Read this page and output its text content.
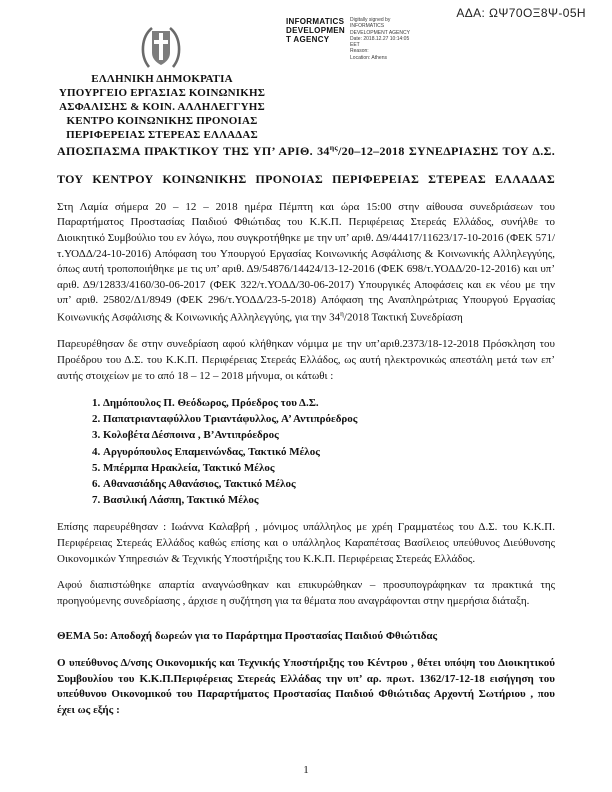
ΑΔΑ: ΩΨ70ΟΞ8Ψ-05Η
INFORMATICS
DEVELOPMEN
T AGENCY
Digitally signed by
INFORMATICS
DEVELOPMENT AGENCY
Date: 2018.12.27 10:14:05
EET
Reason:
Location: Athens
ΕΛΛΗΝΙΚΗ ΔΗΜΟΚΡΑΤΙΑ
ΥΠΟΥΡΓΕΙΟ ΕΡΓΑΣΙΑΣ ΚΟΙΝΩΝΙΚΗΣ
ΑΣΦΑΛΙΣΗΣ & ΚΟΙΝ. ΑΛΛΗΛΕΓΓΥΗΣ
ΚΕΝΤΡΟ ΚΟΙΝΩΝΙΚΗΣ ΠΡΟΝΟΙΑΣ
ΠΕΡΙΦΕΡΕΙΑΣ ΣΤΕΡΕΑΣ ΕΛΛΑΔΑΣ
ΑΠΟΣΠΑΣΜΑ ΠΡΑΚΤΙΚΟΥ ΤΗΣ ΥΠ’ ΑΡΙΘ. $34^{\eta\varsigma}/20-12-2018$ ΣΥΝΕΔΡΙΑΣΗΣ ΤΟΥ Δ.Σ.
ΤΟΥ ΚΕΝΤΡΟΥ ΚΟΙΝΩΝΙΚΗΣ ΠΡΟΝΟΙΑΣ ΠΕΡΙΦΕΡΕΙΑΣ ΣΤΕΡΕΑΣ ΕΛΛΑΔΑΣ

Στη Λαμία σήμερα 20 – 12 – 2018 ημέρα Πέμπτη και ώρα 15:00 στην αίθουσα συνεδριάσεων του Παραρτήματος Προστασίας Παιδιού Φθιώτιδας του Κ.Κ.Π. Περιφέρειας Στερεάς Ελλάδος, συνήλθε το Διοικητικό Συμβούλιο του εν λόγω, που συγκροτήθηκε με την υπ’ αριθ. Δ9/44417/11623/17-10-2016 (ΦΕΚ 571/τ.ΥΟΔΔ/24-10-2016) Απόφαση του Υπουργού Εργασίας Κοινωνικής Ασφάλισης & Κοινωνικής Αλληλεγγύης, όπως αυτή τροποποιήθηκε με τις υπ’ αριθ. Δ9/54876/14424/13-12-2016 (ΦΕΚ 698/τ.ΥΟΔΔ/20-12-2016) και υπ’ αριθ. Δ9/12833/4160/30-06-2017 (ΦΕΚ 322/τ.ΥΟΔΔ/30-06-2017) Υπουργικές Αποφάσεις και εκ νέου με την υπ’ αριθ. 25802/Δ1/8949 (ΦΕΚ 296/τ.ΥΟΔΔ/23-5-2018) Απόφαση της Αναπληρώτριας Υπουργού Εργασίας Κοινωνικής Ασφάλισης & Κοινωνικής Αλληλεγγύης, για την $34^\eta/2018$ Τακτική Συνεδρίαση

Παρευρέθησαν δε στην συνεδρίαση αφού κλήθηκαν νόμιμα με την υπ’αριθ.2373/18-12-2018 Πρόσκληση του Προέδρου του Δ.Σ. του Κ.Κ.Π. Περιφέρειας Στερεάς Ελλάδος, ως αυτή ηλεκτρονικώς απεστάλη μετά των επ’ αυτής στοιχείων με το από 18 – 12 – 2018 μήνυμα, οι κάτωθι :

1. Δημόπουλος Π. Θεόδωρος, Πρόεδρος του Δ.Σ.
2. Παπατριανταφύλλου Τριαντάφυλλος, Α’ Αντιπρόεδρος
3. Κολοβέτα Δέσποινα , Β’Αντιπρόεδρος
4. Αργυρόπουλος Επαμεινώνδας, Τακτικό Μέλος
5. Μπέρμπα Ηρακλεία, Τακτικό Μέλος
6. Αθανασιάδης Αθανάσιος, Τακτικό Μέλος
7. Βασιλική Λάσπη, Τακτικό Μέλος

Επίσης παρευρέθησαν : Ιωάννα Καλαβρή , μόνιμος υπάλληλος με χρέη Γραμματέως του Δ.Σ. του Κ.Κ.Π. Περιφέρειας Στερεάς Ελλάδος καθώς επίσης και ο υπάλληλος Καραπέτσας Βασίλειος υπεύθυνος Διεύθυνσης Οικονομικών Υπηρεσιών & Τεχνικής Υποστήριξης του Κ.Κ.Π. Περιφέρειας Στερεάς Ελλάδος.

Αφού διαπιστώθηκε απαρτία αναγνώσθηκαν και επικυρώθηκαν – προσυπογράφηκαν τα πρακτικά της προηγούμενης συνεδρίασης , άρχισε η συζήτηση για τα θέματα που αναγράφονται στην ημερήσια διάταξη.

ΘΕΜΑ 5ο: Αποδοχή δωρεών για το Παράρτημα Προστασίας Παιδιού Φθιώτιδας

Ο υπεύθυνος Δ/νσης Οικονομικής και Τεχνικής Υποστήριξης του Κέντρου , θέτει υπόψη του Διοικητικού Συμβουλίου του Κ.Κ.Π.Περιφέρειας Στερεάς Ελλάδας την υπ’ αρ. πρωτ. 1362/17-12-18 εισήγηση του υπεύθυνου Οικονομικού του Παραρτήματος Προστασίας Παιδιού Φθιώτιδας Αρχοντή Σωτήριου , που έχει ως εξής :

1
